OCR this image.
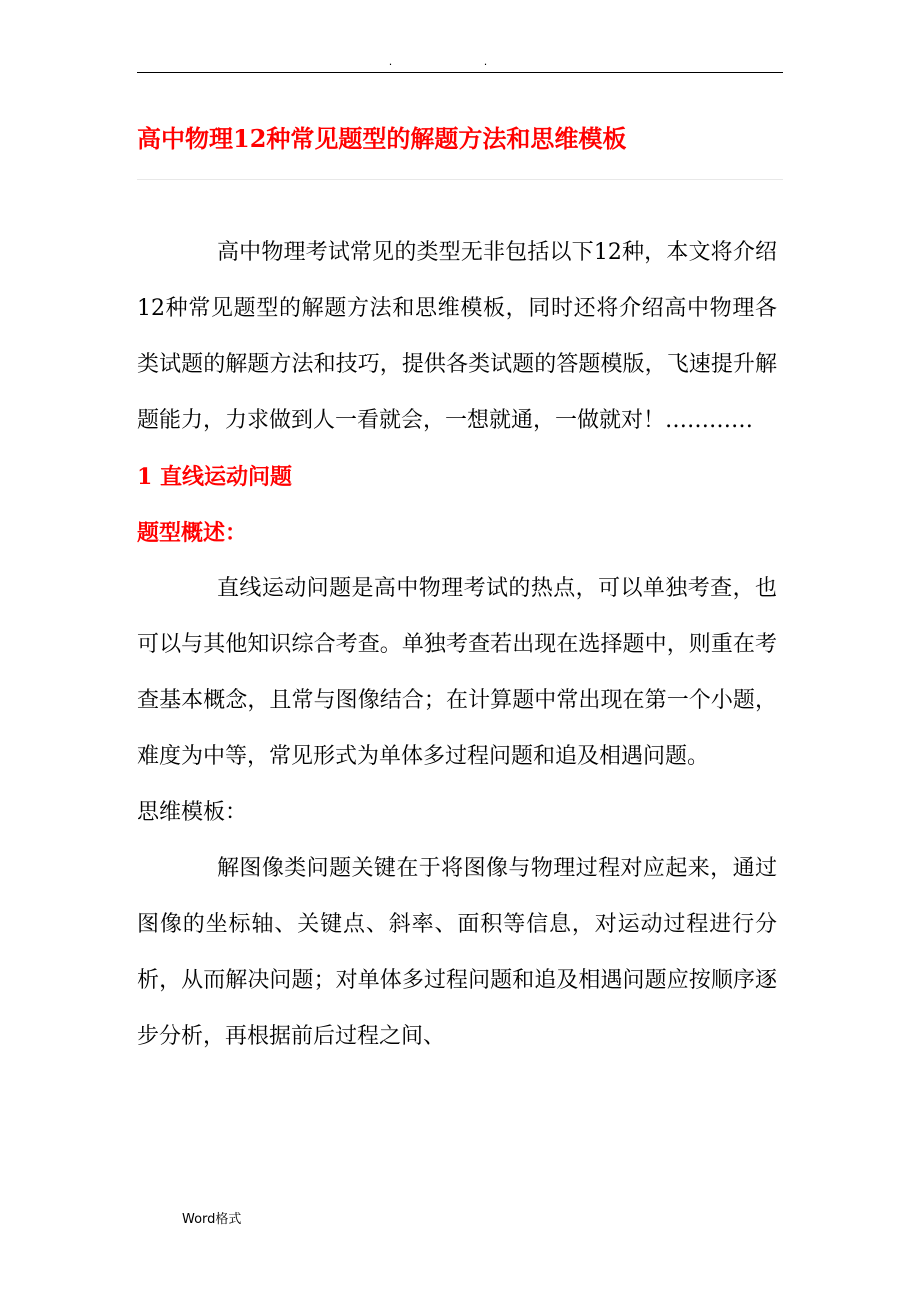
. .
高中物理12种常见题型的解题方法和思维模板

高中物理考试常见的类型无非包括以下12种，本文将介绍12种常见题型的解题方法和思维模板，同时还将介绍高中物理各类试题的解题方法和技巧，提供各类试题的答题模版，飞速提升解题能力，力求做到人一看就会，一想就通，一做就对！…………

1 直线运动问题

题型概述：

直线运动问题是高中物理考试的热点，可以单独考查，也可以与其他知识综合考查。单独考查若出现在选择题中，则重在考查基本概念，且常与图像结合；在计算题中常出现在第一个小题，难度为中等，常见形式为单体多过程问题和追及相遇问题。

思维模板：

解图像类问题关键在于将图像与物理过程对应起来，通过图像的坐标轴、关键点、斜率、面积等信息，对运动过程进行分析，从而解决问题；对单体多过程问题和追及相遇问题应按顺序逐步分析，再根据前后过程之间、

Word格式
